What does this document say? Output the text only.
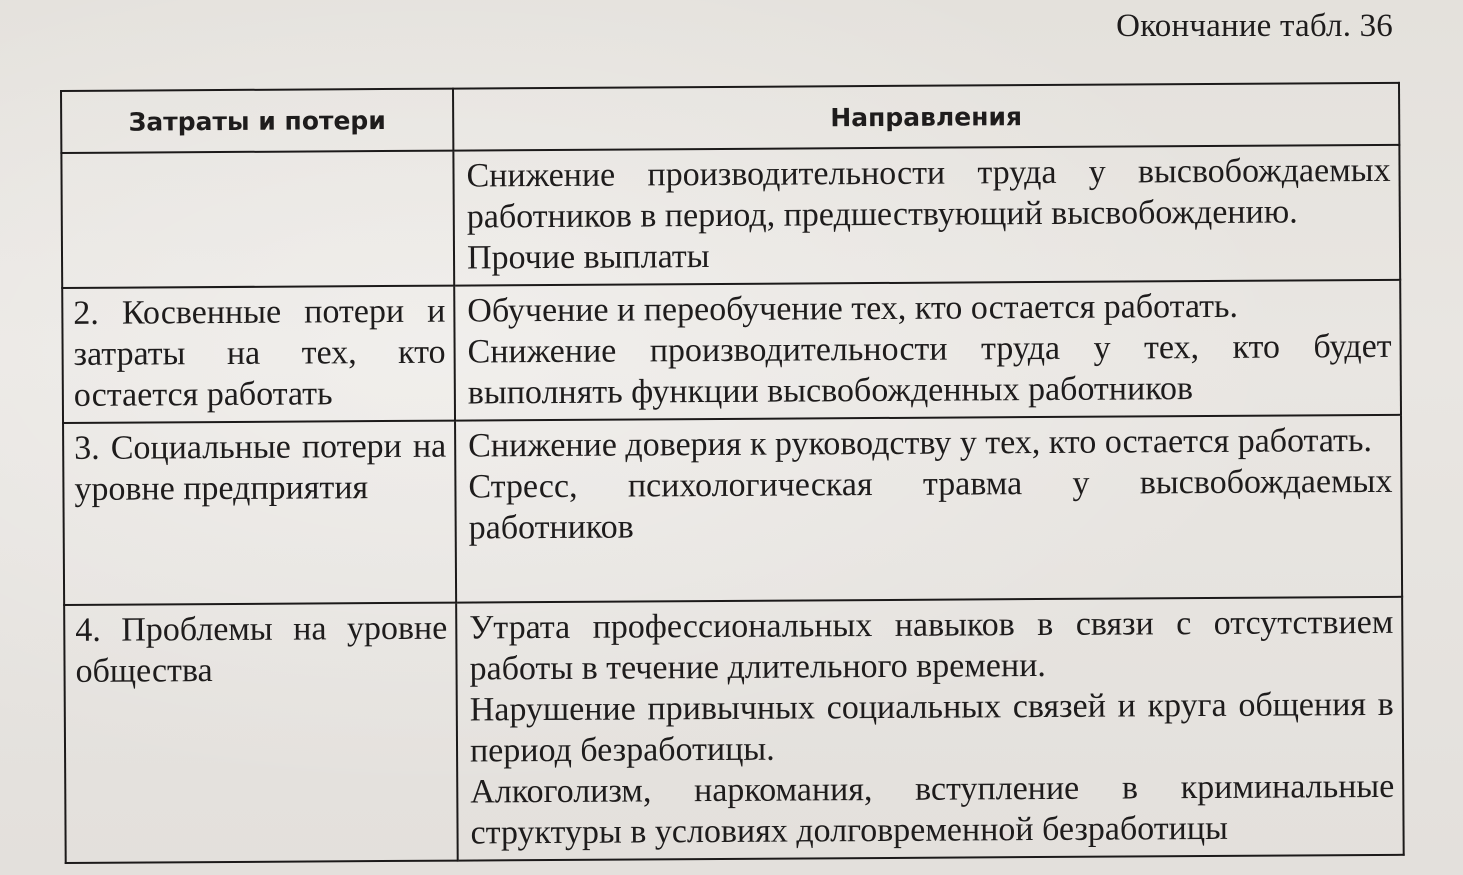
Окончание табл. 36
Затраты и потери	Направления

	Снижение производительности труда у высвобождаемых работников в период, предшествующий высвобождению.
Прочие выплаты

2. Косвенные потери и затраты на тех, кто остается работать	Обучение и переобучение тех, кто остается работать.
Снижение производительности труда у тех, кто будет выполнять функции высвобожденных работников

3. Социальные потери на уровне предприятия	Снижение доверия к руководству у тех, кто остается работать.
Стресс, психологическая травма у высвобождаемых работников

4. Проблемы на уровне общества	Утрата профессиональных навыков в связи с отсутствием работы в течение длительного времени.
Нарушение привычных социальных связей и круга общения в период безработицы.
Алкоголизм, наркомания, вступление в криминальные структуры в условиях долговременной безработицы
